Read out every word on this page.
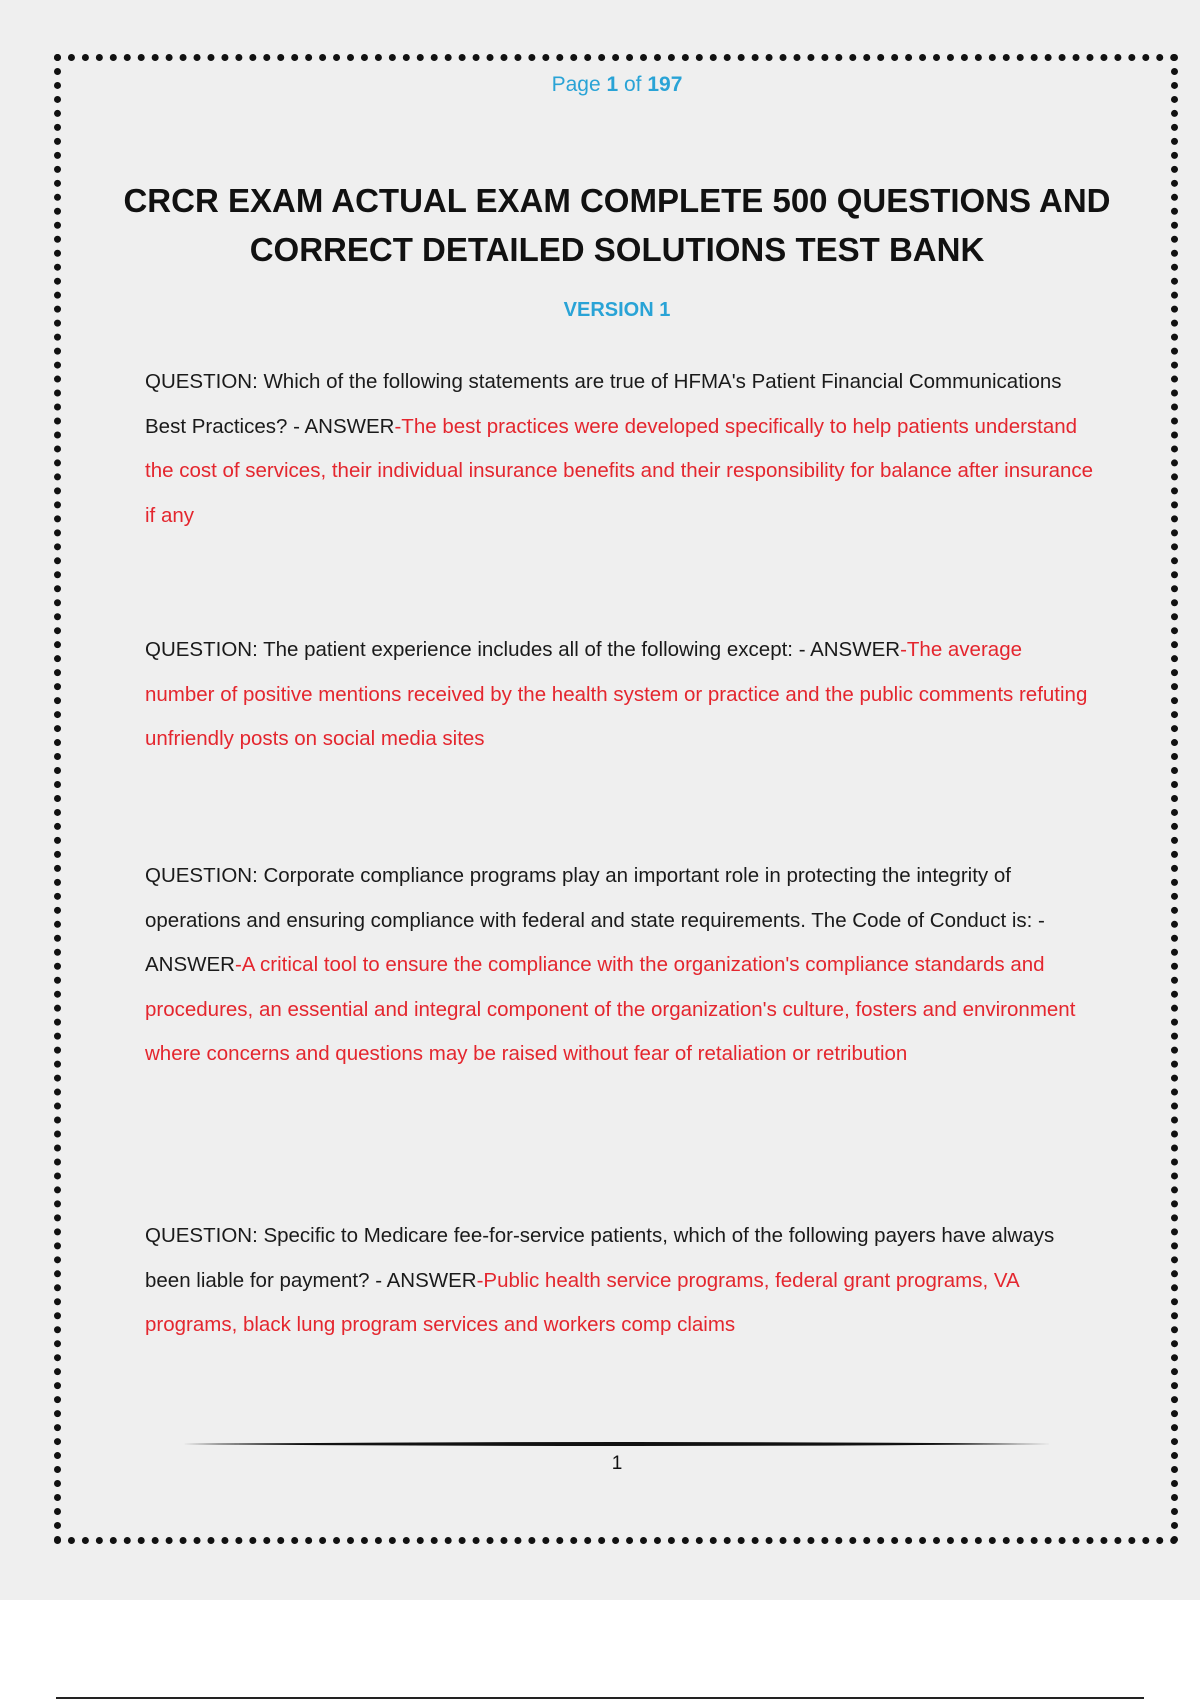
Page 1 of 197
CRCR EXAM ACTUAL EXAM COMPLETE 500 QUESTIONS AND CORRECT DETAILED SOLUTIONS TEST BANK
VERSION 1
QUESTION: Which of the following statements are true of HFMA's Patient Financial Communications Best Practices? - ANSWER-The best practices were developed specifically to help patients understand the cost of services, their individual insurance benefits and their responsibility for balance after insurance if any
QUESTION: The patient experience includes all of the following except: - ANSWER-The average number of positive mentions received by the health system or practice and the public comments refuting unfriendly posts on social media sites
QUESTION: Corporate compliance programs play an important role in protecting the integrity of operations and ensuring compliance with federal and state requirements. The Code of Conduct is: - ANSWER-A critical tool to ensure the compliance with the organization's compliance standards and procedures, an essential and integral component of the organization's culture, fosters and environment where concerns and questions may be raised without fear of retaliation or retribution
QUESTION: Specific to Medicare fee-for-service patients, which of the following payers have always been liable for payment? - ANSWER-Public health service programs, federal grant programs, VA programs, black lung program services and workers comp claims
1
